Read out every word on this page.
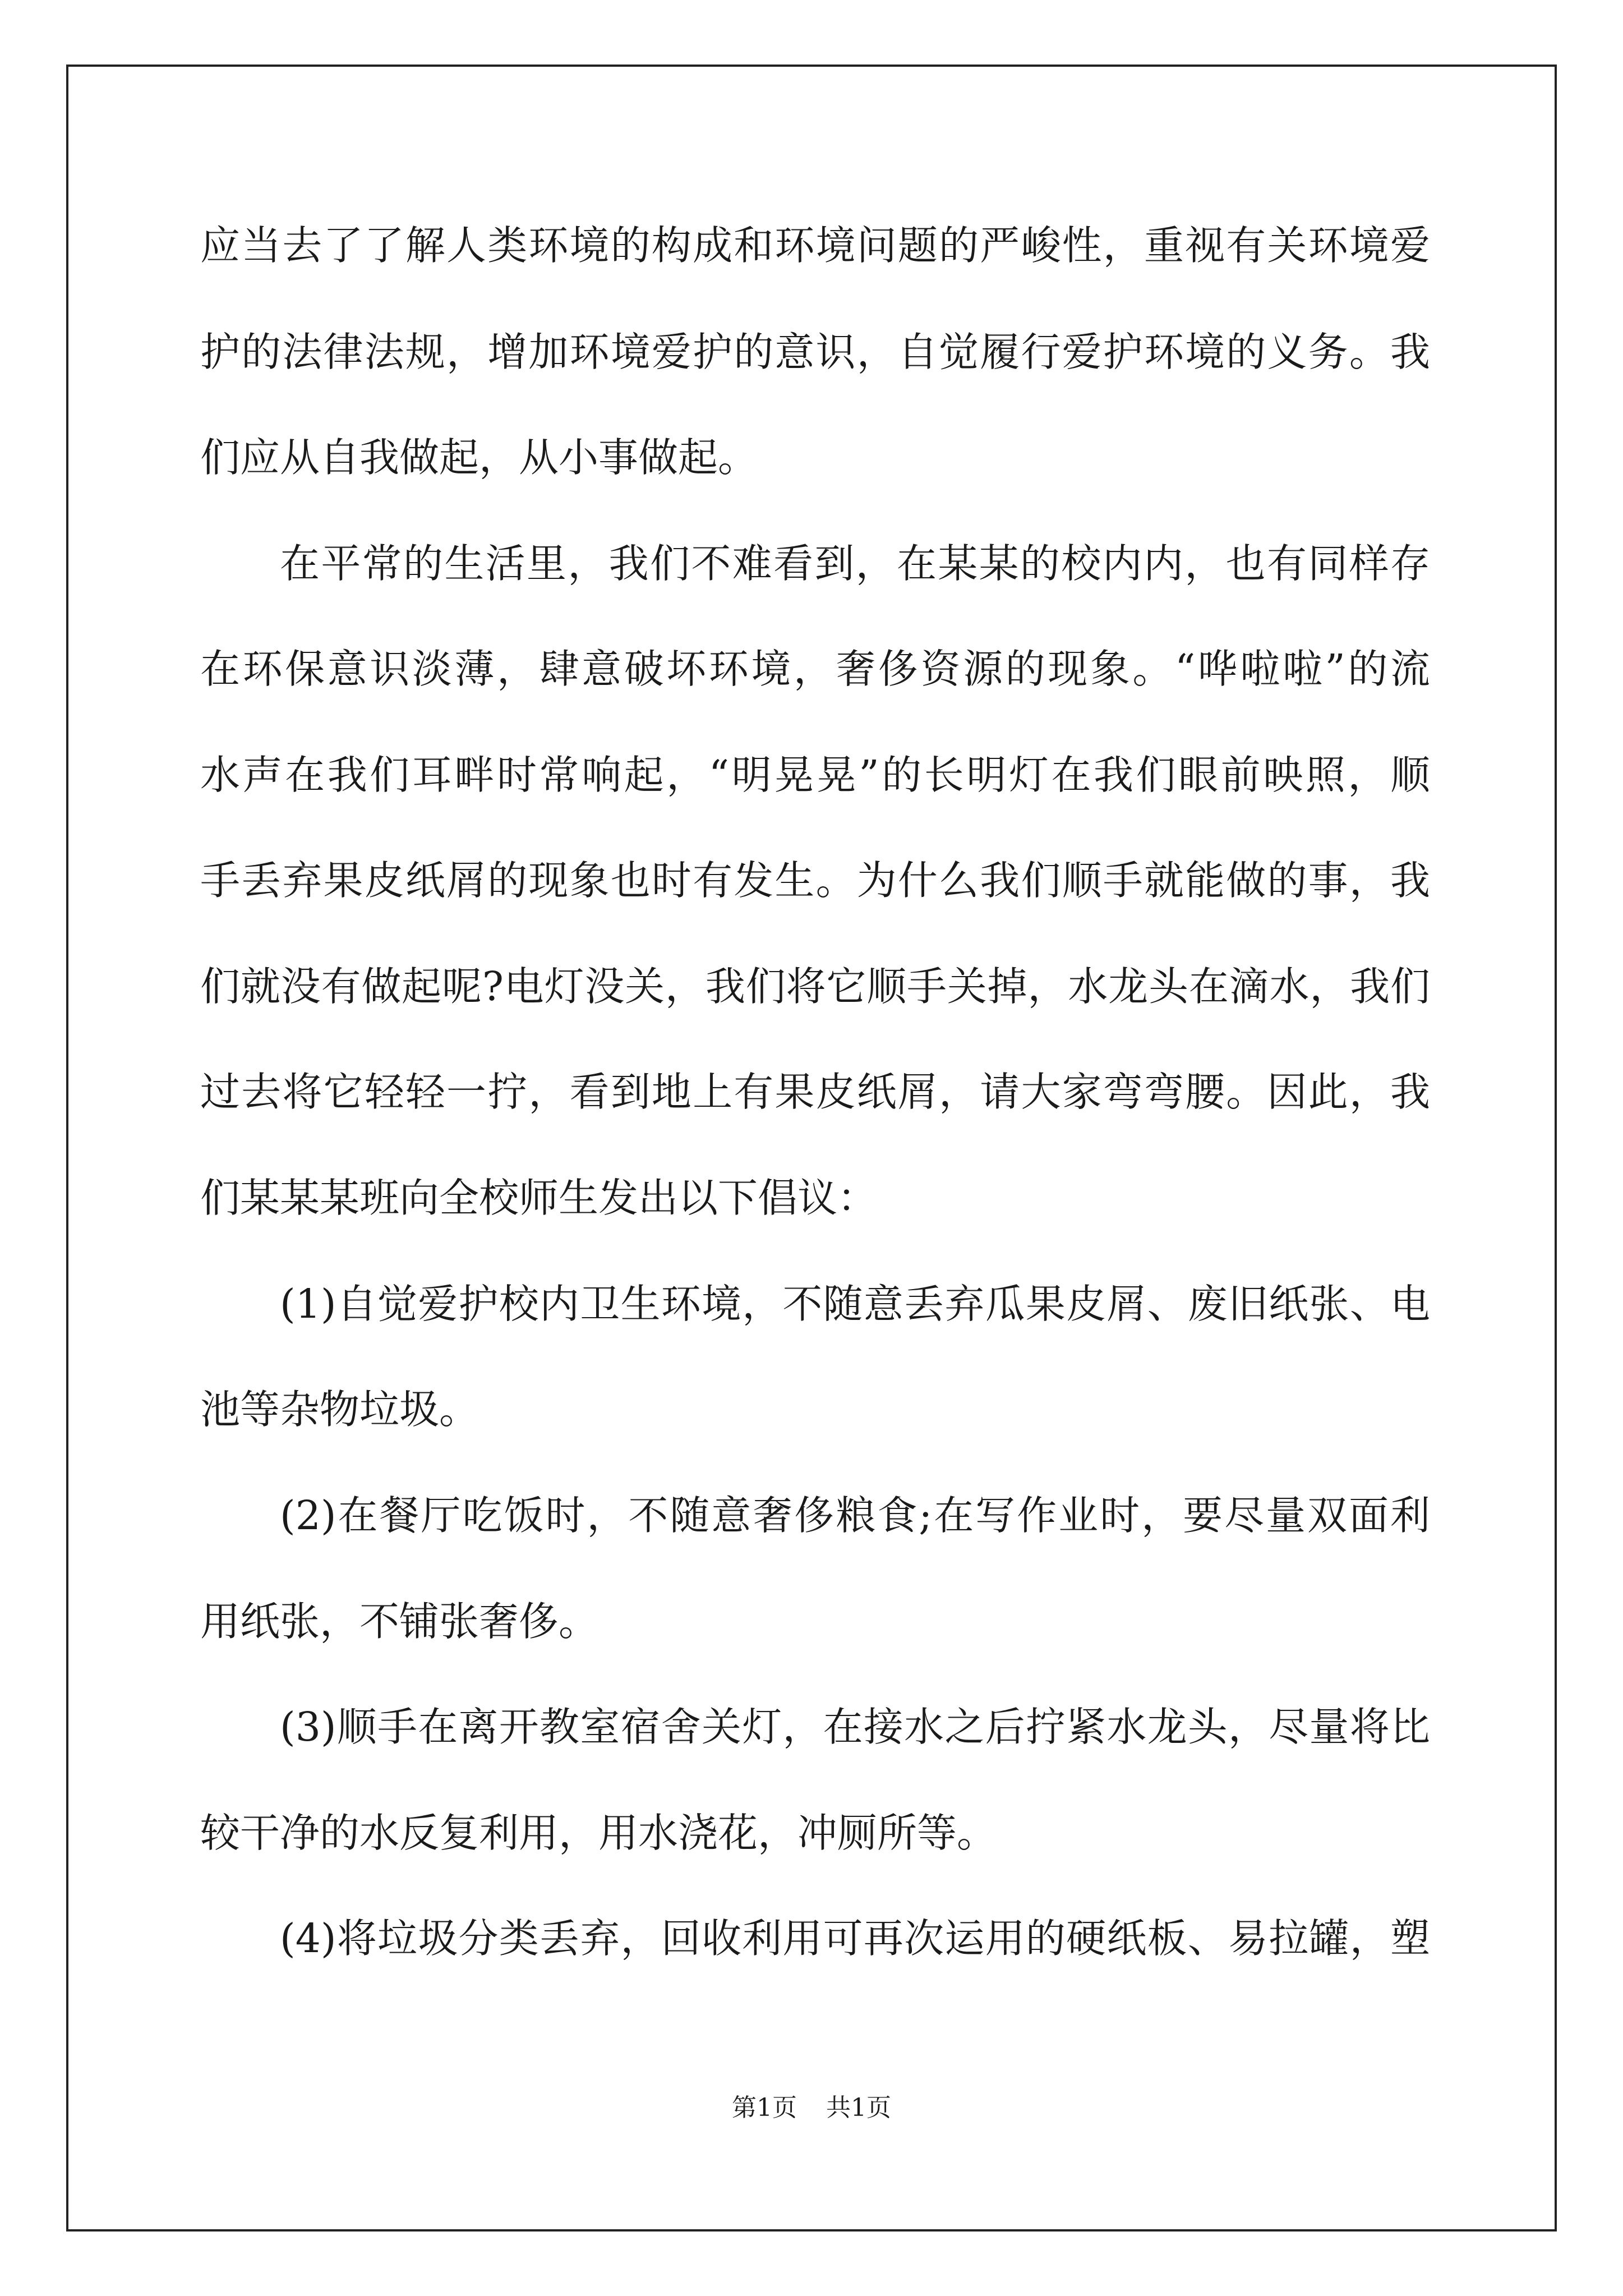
应当去了了解人类环境的构成和环境问题的严峻性，重视有关环境爱

护的法律法规，增加环境爱护的意识，自觉履行爱护环境的义务。我

们应从自我做起，从小事做起。

在平常的生活里，我们不难看到，在某某的校内内，也有同样存

在环保意识淡薄，肆意破坏环境，奢侈资源的现象。“哗啦啦”的流

水声在我们耳畔时常响起，“明晃晃”的长明灯在我们眼前映照，顺

手丢弃果皮纸屑的现象也时有发生。为什么我们顺手就能做的事，我

们就没有做起呢?电灯没关，我们将它顺手关掉，水龙头在滴水，我们

过去将它轻轻一拧，看到地上有果皮纸屑，请大家弯弯腰。因此，我

们某某某班向全校师生发出以下倡议：

(1)自觉爱护校内卫生环境，不随意丢弃瓜果皮屑、废旧纸张、电

池等杂物垃圾。

(2)在餐厅吃饭时，不随意奢侈粮食;在写作业时，要尽量双面利

用纸张，不铺张奢侈。

(3)顺手在离开教室宿舍关灯，在接水之后拧紧水龙头，尽量将比

较干净的水反复利用，用水浇花，冲厕所等。

(4)将垃圾分类丢弃，回收利用可再次运用的硬纸板、易拉罐，塑

第1页 共1页
